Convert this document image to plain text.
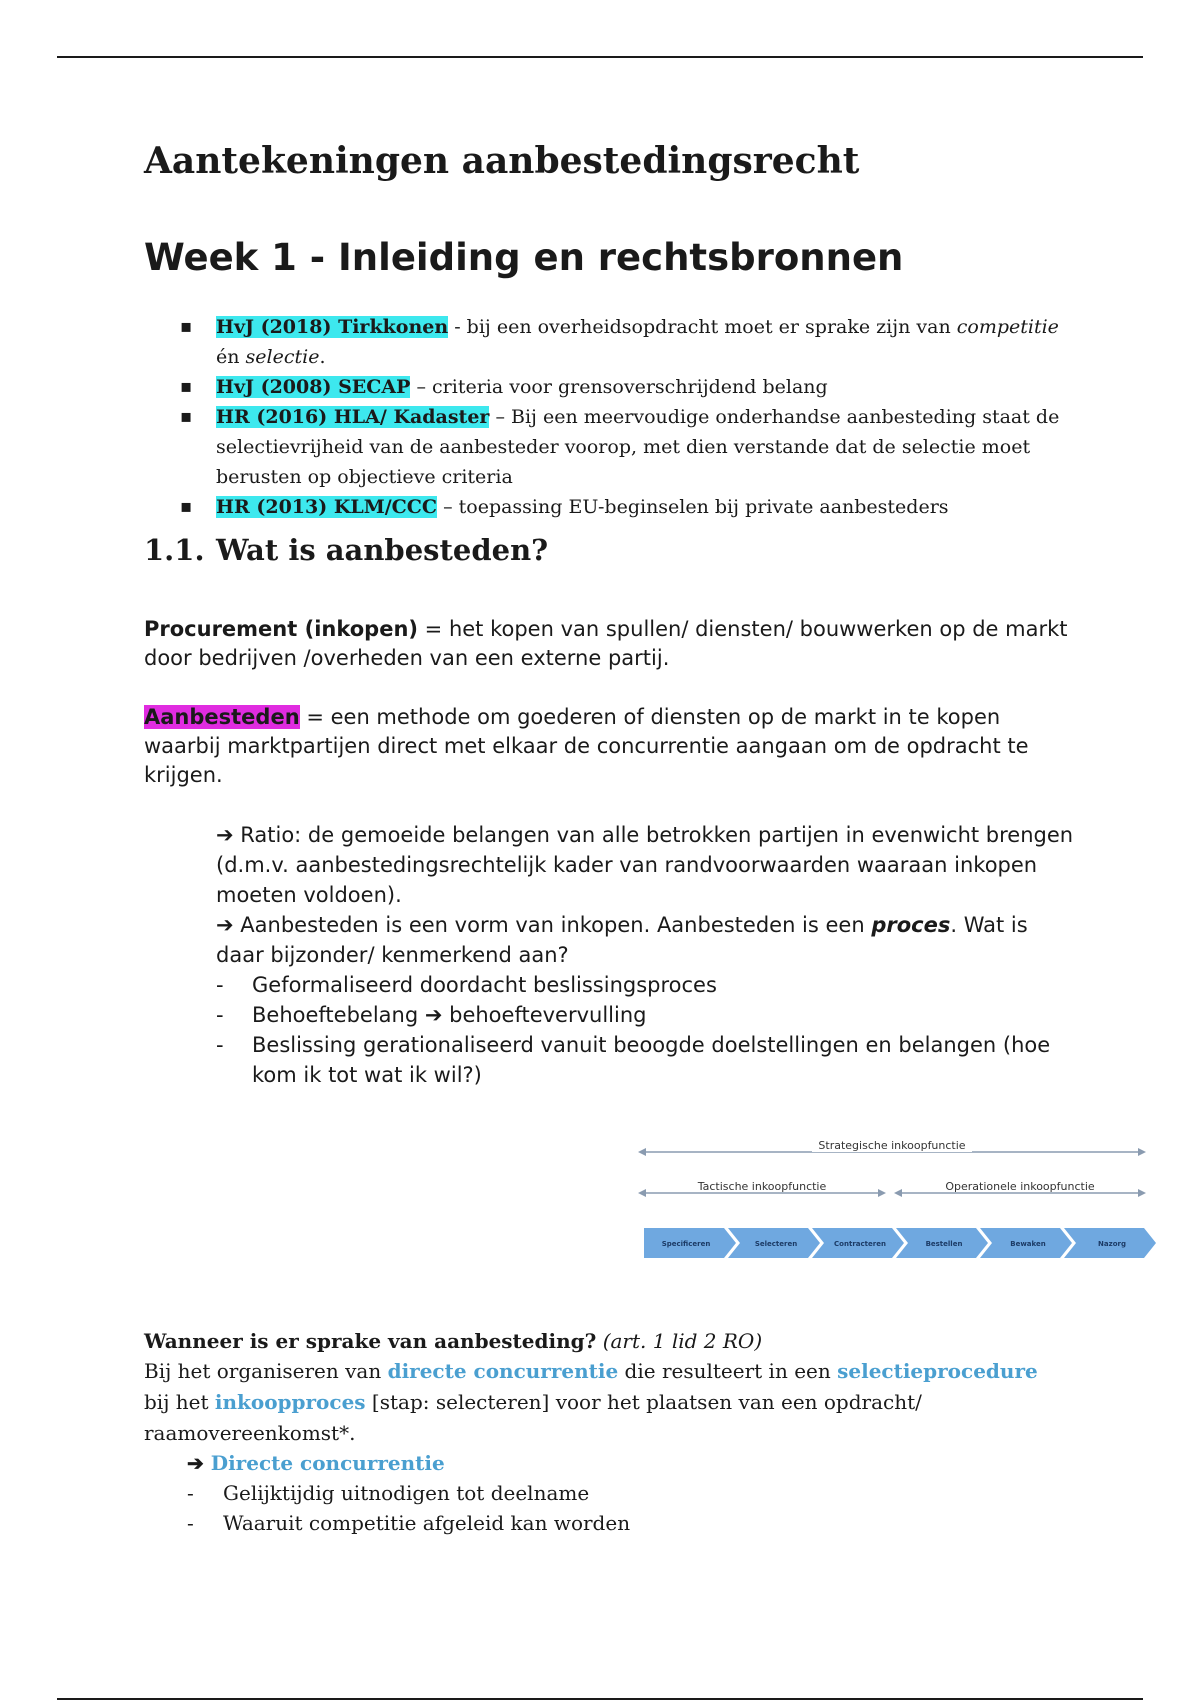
Aantekeningen aanbestedingsrecht
Week 1 - Inleiding en rechtsbronnen
▪ HvJ (2018) Tirkkonen - bij een overheidsopdracht moet er sprake zijn van competitie én selectie.
▪ HvJ (2008) SECAP – criteria voor grensoverschrijdend belang
▪ HR (2016) HLA/ Kadaster – Bij een meervoudige onderhandse aanbesteding staat de selectievrijheid van de aanbesteder voorop, met dien verstande dat de selectie moet berusten op objectieve criteria
▪ HR (2013) KLM/CCC – toepassing EU-beginselen bij private aanbesteders
1.1. Wat is aanbesteden?

Procurement (inkopen) = het kopen van spullen/ diensten/ bouwwerken op de markt door bedrijven /overheden van een externe partij.

Aanbesteden = een methode om goederen of diensten op de markt in te kopen waarbij marktpartijen direct met elkaar de concurrentie aangaan om de opdracht te krijgen.

➔ Ratio: de gemoeide belangen van alle betrokken partijen in evenwicht brengen (d.m.v. aanbestedingsrechtelijk kader van randvoorwaarden waaraan inkopen moeten voldoen).

➔ Aanbesteden is een vorm van inkopen. Aanbesteden is een proces. Wat is daar bijzonder/ kenmerkend aan?

- Geformaliseerd doordacht beslissingsproces
- Behoeftebelang ➔ behoeftevervulling
- Beslissing gerationaliseerd vanuit beoogde doelstellingen en belangen (hoe kom ik tot wat ik wil?)
Strategische inkoopfunctie
Tactische inkoopfunctie	Operationele inkoopfunctie
Specificeren	Selecteren	Contracteren	Bestellen	Bewaken	Nazorg

Wanneer is er sprake van aanbesteding? (art. 1 lid 2 RO)

Bij het organiseren van directe concurrentie die resulteert in een selectieprocedure bij het inkoopproces [stap: selecteren] voor het plaatsen van een opdracht/ raamovereenkomst*.

➔ Directe concurrentie

- Gelijktijdig uitnodigen tot deelname
- Waaruit competitie afgeleid kan worden
